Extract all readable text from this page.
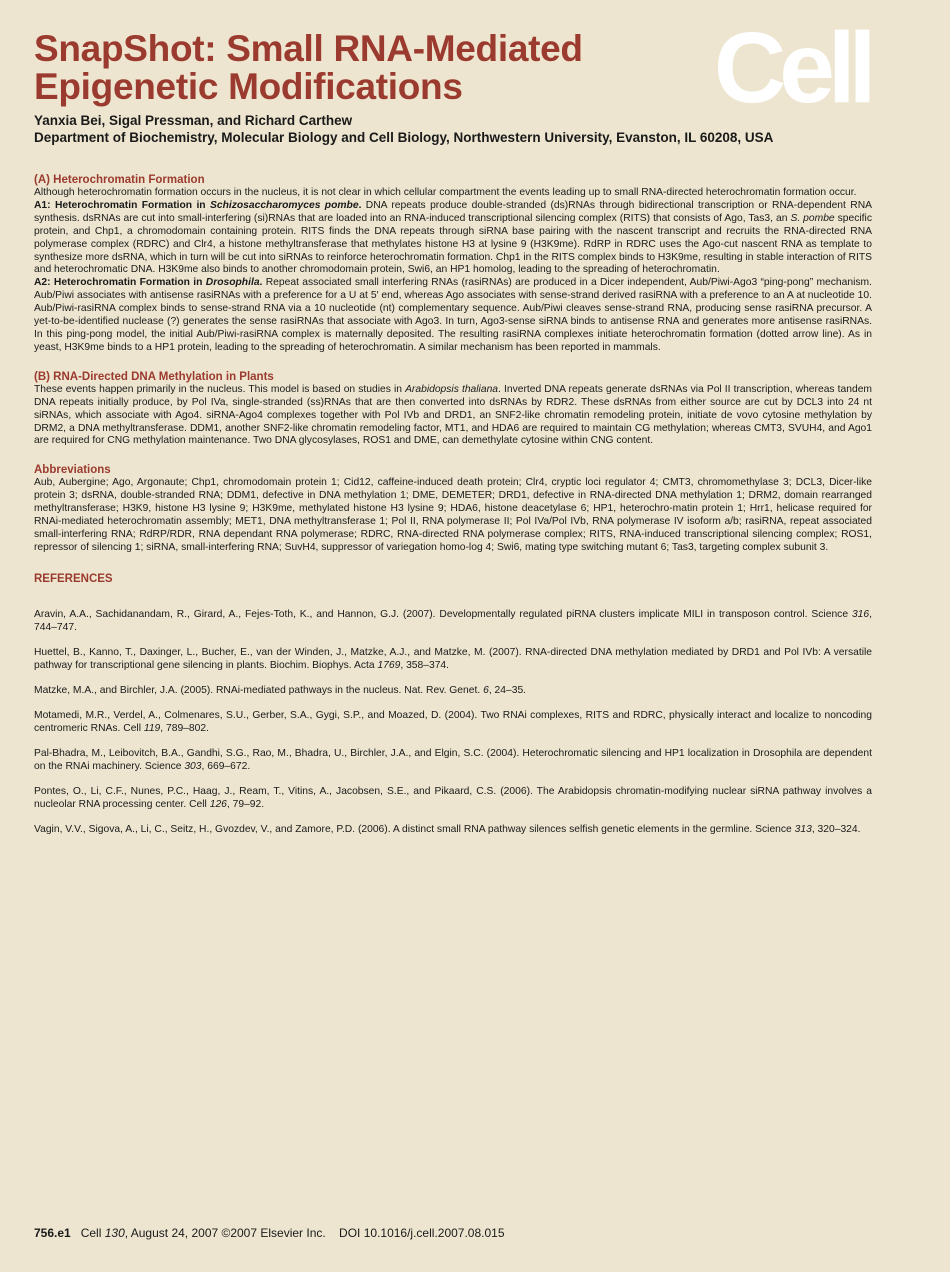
Cell
SnapShot: Small RNA-Mediated
Epigenetic Modifications
Yanxia Bei, Sigal Pressman, and Richard Carthew
Department of Biochemistry, Molecular Biology and Cell Biology, Northwestern University, Evanston, IL 60208, USA
(A) Heterochromatin Formation

Although heterochromatin formation occurs in the nucleus, it is not clear in which cellular compartment the events leading up to small RNA-directed heterochromatin formation occur.

A1: Heterochromatin Formation in Schizosaccharomyces pombe. DNA repeats produce double-stranded (ds)RNAs through bidirectional transcription or RNA-dependent RNA synthesis. dsRNAs are cut into small-interfering (si)RNAs that are loaded into an RNA-induced transcriptional silencing complex (RITS) that consists of Ago, Tas3, an S. pombe specific protein, and Chp1, a chromodomain containing protein. RITS finds the DNA repeats through siRNA base pairing with the nascent transcript and recruits the RNA-directed RNA polymerase complex (RDRC) and Clr4, a histone methyltransferase that methylates histone H3 at lysine 9 (H3K9me). RdRP in RDRC uses the Ago-cut nascent RNA as template to synthesize more dsRNA, which in turn will be cut into siRNAs to reinforce heterochromatin formation. Chp1 in the RITS complex binds to H3K9me, resulting in stable interaction of RITS and heterochromatic DNA. H3K9me also binds to another chromodomain protein, Swi6, an HP1 homolog, leading to the spreading of heterochromatin.

A2: Heterochromatin Formation in Drosophila. Repeat associated small interfering RNAs (rasiRNAs) are produced in a Dicer independent, Aub/Piwi-Ago3 “ping-pong” mechanism. Aub/Piwi associates with antisense rasiRNAs with a preference for a U at 5′ end, whereas Ago associates with sense-strand derived rasiRNA with a preference to an A at nucleotide 10. Aub/Piwi-rasiRNA complex binds to sense-strand RNA via a 10 nucleotide (nt) complementary sequence. Aub/Piwi cleaves sense-strand RNA, producing sense rasiRNA precursor. A yet-to-be-identified nuclease (?) generates the sense rasiRNAs that associate with Ago3. In turn, Ago3-sense siRNA binds to antisense RNA and generates more antisense rasiRNAs. In this ping-pong model, the initial Aub/Piwi-rasiRNA complex is maternally deposited. The resulting rasiRNA complexes initiate heterochromatin formation (dotted arrow line). As in yeast, H3K9me binds to a HP1 protein, leading to the spreading of heterochromatin. A similar mechanism has been reported in mammals.

(B) RNA-Directed DNA Methylation in Plants

These events happen primarily in the nucleus. This model is based on studies in Arabidopsis thaliana. Inverted DNA repeats generate dsRNAs via Pol II transcription, whereas tandem DNA repeats initially produce, by Pol IVa, single-stranded (ss)RNAs that are then converted into dsRNAs by RDR2. These dsRNAs from either source are cut by DCL3 into 24 nt siRNAs, which associate with Ago4. siRNA-Ago4 complexes together with Pol IVb and DRD1, an SNF2-like chromatin remodeling protein, initiate de vovo cytosine methylation by DRM2, a DNA methyltransferase. DDM1, another SNF2-like chromatin remodeling factor, MT1, and HDA6 are required to maintain CG methylation; whereas CMT3, SVUH4, and Ago1 are required for CNG methylation maintenance. Two DNA glycosylases, ROS1 and DME, can demethylate cytosine within CNG content.

Abbreviations

Aub, Aubergine; Ago, Argonaute; Chp1, chromodomain protein 1; Cid12, caffeine-induced death protein; Clr4, cryptic loci regulator 4; CMT3, chromomethylase 3; DCL3, Dicer-like protein 3; dsRNA, double-stranded RNA; DDM1, defective in DNA methylation 1; DME, DEMETER; DRD1, defective in RNA-directed DNA methylation 1; DRM2, domain rearranged methyltransferase; H3K9, histone H3 lysine 9; H3K9me, methylated histone H3 lysine 9; HDA6, histone deacetylase 6; HP1, heterochro-matin protein 1; Hrr1, helicase required for RNAi-mediated heterochromatin assembly; MET1, DNA methyltransferase 1; Pol II, RNA polymerase II; Pol IVa/Pol IVb, RNA polymerase IV isoform a/b; rasiRNA, repeat associated small-interfering RNA; RdRP/RDR, RNA dependant RNA polymerase; RDRC, RNA-directed RNA polymerase complex; RITS, RNA-induced transcriptional silencing complex; ROS1, repressor of silencing 1; siRNA, small-interfering RNA; SuvH4, suppressor of variegation homo-log 4; Swi6, mating type switching mutant 6; Tas3, targeting complex subunit 3.

REFERENCES

Aravin, A.A., Sachidanandam, R., Girard, A., Fejes-Toth, K., and Hannon, G.J. (2007). Developmentally regulated piRNA clusters implicate MILI in transposon control. Science 316, 744–747.

Huettel, B., Kanno, T., Daxinger, L., Bucher, E., van der Winden, J., Matzke, A.J., and Matzke, M. (2007). RNA-directed DNA methylation mediated by DRD1 and Pol IVb: A versatile pathway for transcriptional gene silencing in plants. Biochim. Biophys. Acta 1769, 358–374.

Matzke, M.A., and Birchler, J.A. (2005). RNAi-mediated pathways in the nucleus. Nat. Rev. Genet. 6, 24–35.

Motamedi, M.R., Verdel, A., Colmenares, S.U., Gerber, S.A., Gygi, S.P., and Moazed, D. (2004). Two RNAi complexes, RITS and RDRC, physically interact and localize to noncoding centromeric RNAs. Cell 119, 789–802.

Pal-Bhadra, M., Leibovitch, B.A., Gandhi, S.G., Rao, M., Bhadra, U., Birchler, J.A., and Elgin, S.C. (2004). Heterochromatic silencing and HP1 localization in Drosophila are dependent on the RNAi machinery. Science 303, 669–672.

Pontes, O., Li, C.F., Nunes, P.C., Haag, J., Ream, T., Vitins, A., Jacobsen, S.E., and Pikaard, C.S. (2006). The Arabidopsis chromatin-modifying nuclear siRNA pathway involves a nucleolar RNA processing center. Cell 126, 79–92.

Vagin, V.V., Sigova, A., Li, C., Seitz, H., Gvozdev, V., and Zamore, P.D. (2006). A distinct small RNA pathway silences selfish genetic elements in the germline. Science 313, 320–324.

756.e1 Cell 130, August 24, 2007 ©2007 Elsevier Inc.    DOI 10.1016/j.cell.2007.08.015
